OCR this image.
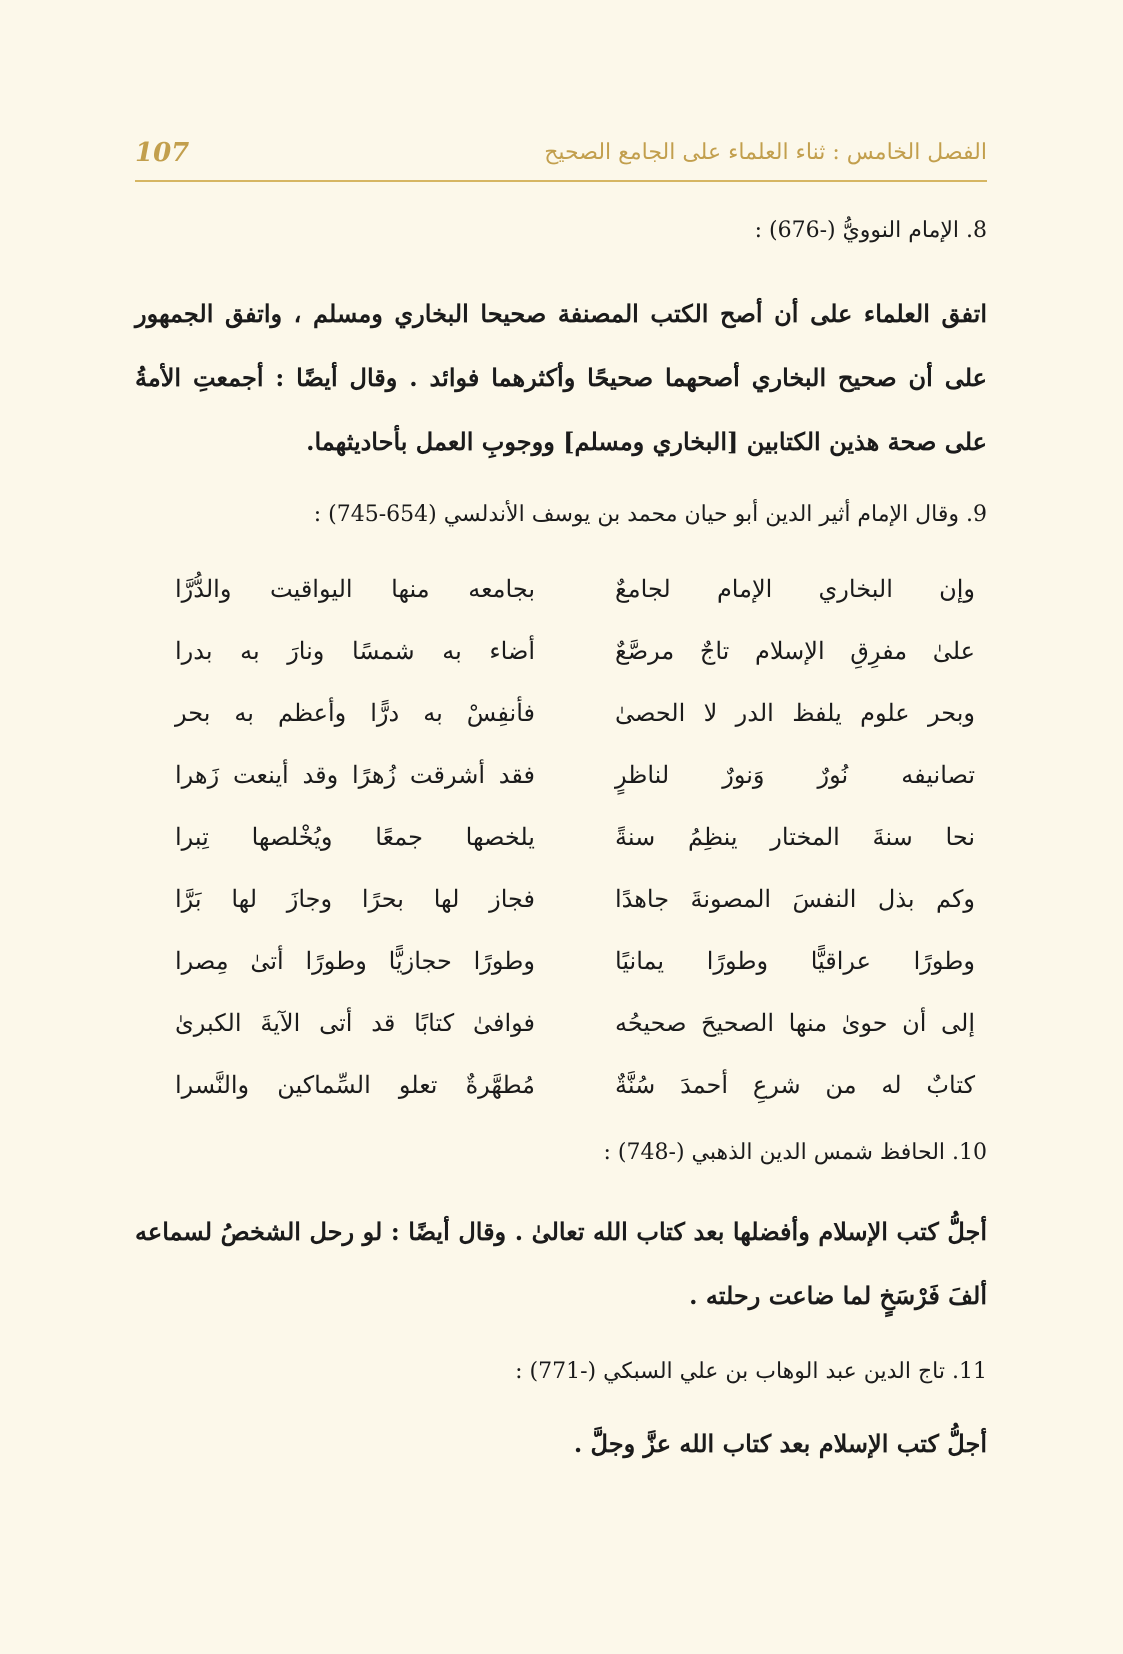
الفصل الخامس : ثناء العلماء على الجامع الصحيح
107
8. الإمام النوويُّ (-676) :
اتفق العلماء على أن أصح الكتب المصنفة صحيحا البخاري ومسلم ، واتفق الجمهور على أن صحيح البخاري أصحهما صحيحًا وأكثرهما فوائد . وقال أيضًا : أجمعتِ الأمةُ على صحة هذين الكتابين [البخاري ومسلم] ووجوبِ العمل بأحاديثهما.
9. وقال الإمام أثير الدين أبو حيان محمد بن يوسف الأندلسي (654-745) :
وإن البخاري الإمام لجامعٌ
بجامعه منها اليواقيت والدُّرَّا
علىٰ مفرِقِ الإسلام تاجٌ مرصَّعٌ
أضاء به شمسًا ونارَ به بدرا
وبحر علوم يلفظ الدر لا الحصىٰ
فأنفِسْ به درًّا وأعظم به بحر
تصانيفه نُورٌ وَنورٌ لناظرٍ
فقد أشرقت زُهرًا وقد أينعت زَهرا
نحا سنةَ المختار ينظِمُ سنةً
يلخصها جمعًا ويُخْلصها تِبرا
وكم بذل النفسَ المصونةَ جاهدًا
فجاز لها بحرًا وجازَ لها بَرَّا
وطورًا عراقيًّا وطورًا يمانيًا
وطورًا حجازيًّا وطورًا أتىٰ مِصرا
إلى أن حوىٰ منها الصحيحَ صحيحُه
فوافىٰ كتابًا قد أتى الآيةَ الكبرىٰ
كتابٌ له من شرعِ أحمدَ سُنَّةٌ
مُطهَّرةٌ تعلو السِّماكين والنَّسرا
10. الحافظ شمس الدين الذهبي (-748) :
أجلُّ كتب الإسلام وأفضلها بعد كتاب الله تعالىٰ . وقال أيضًا : لو رحل الشخصُ لسماعه ألفَ فَرْسَخٍ لما ضاعت رحلته .
11. تاج الدين عبد الوهاب بن علي السبكي (-771) :
أجلُّ كتب الإسلام بعد كتاب الله عزَّ وجلَّ .
